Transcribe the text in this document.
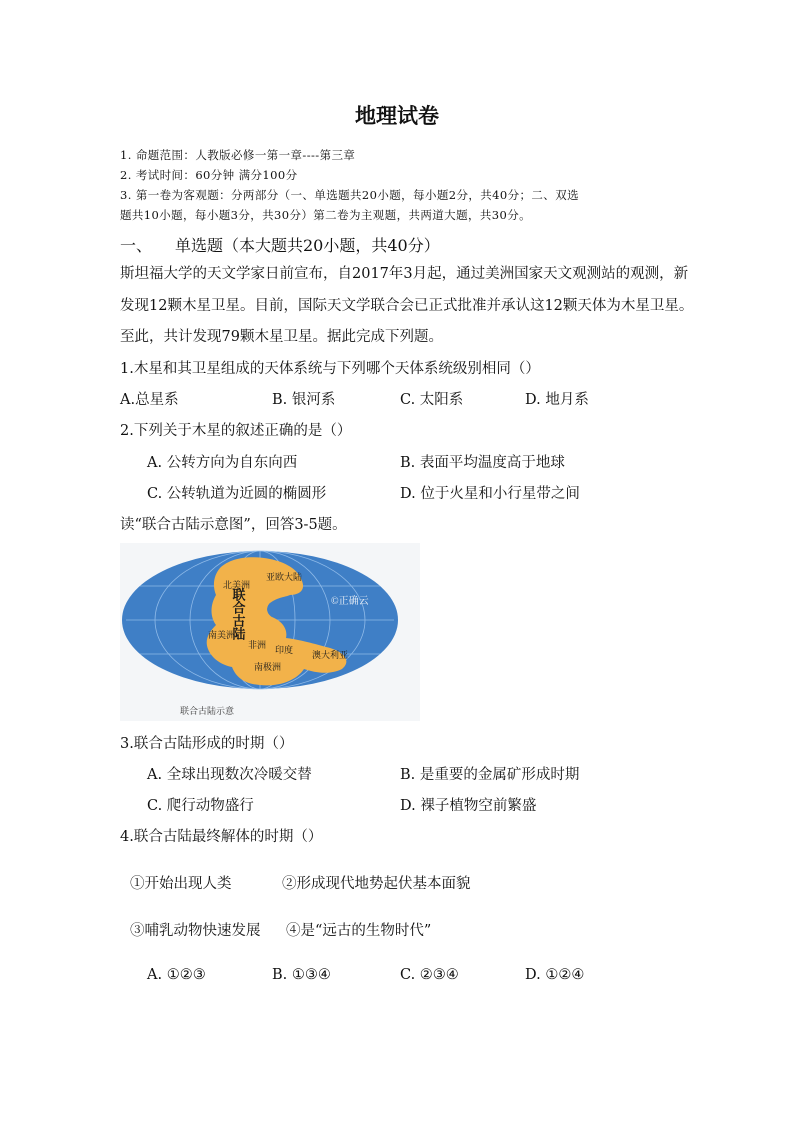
地理试卷
1. 命题范围：人教版必修一第一章----第三章
2. 考试时间：60分钟 满分100分
3. 第一卷为客观题：分两部分（一、单选题共20小题，每小题2分，共40分；二、双选
题共10小题，每小题3分，共30分）第二卷为主观题，共两道大题，共30分。
一、 单选题（本大题共20小题，共40分）
斯坦福大学的天文学家日前宣布，自2017年3月起，通过美洲国家天文观测站的观测，新
发现12颗木星卫星。目前，国际天文学联合会已正式批准并承认这12颗天体为木星卫星。
至此，共计发现79颗木星卫星。据此完成下列题。
1.木星和其卫星组成的天体系统与下列哪个天体系统级别相同（）
A.总星系	B. 银河系	C. 太阳系	D. 地月系
2.下列关于木星的叙述正确的是（）
A. 公转方向为自东向西	B. 表面平均温度高于地球
C. 公转轨道为近圆的椭圆形	D. 位于火星和小行星带之间
读“联合古陆示意图”，回答3-5题。
北美洲
亚欧大陆
南美洲
非洲 印度 澳大利亚
南极洲
联合古陆	©正确云
联合古陆示意
3.联合古陆形成的时期（）
A. 全球出现数次冷暖交替	B. 是重要的金属矿形成时期
C. 爬行动物盛行	D. 裸子植物空前繁盛
4.联合古陆最终解体的时期（）
①开始出现人类	②形成现代地势起伏基本面貌
③哺乳动物快速发展 ④是“远古的生物时代”
A. ①②③	B. ①③④	C. ②③④	D. ①②④
